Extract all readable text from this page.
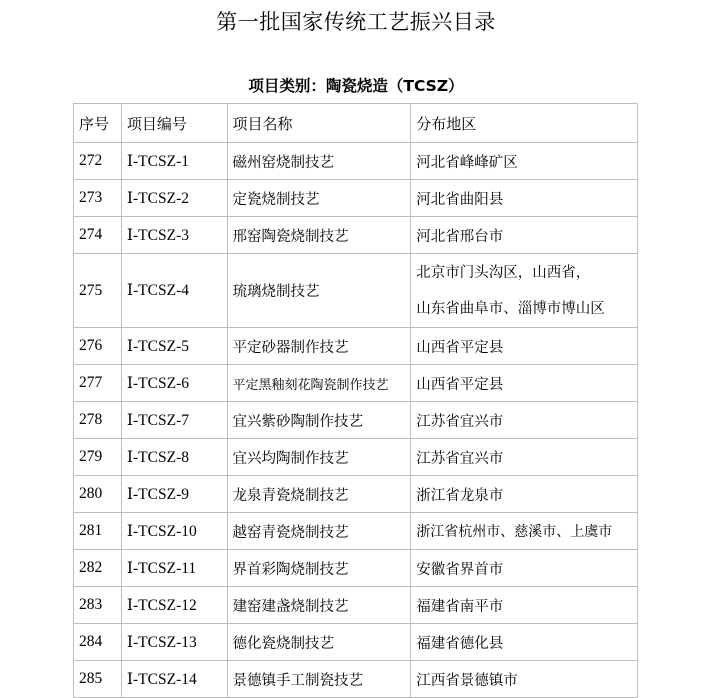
第一批国家传统工艺振兴目录
项目类别：陶瓷烧造（TCSZ）
序号	项目编号	项目名称	分布地区
272	Ⅰ-TCSZ-1	磁州窑烧制技艺	河北省峰峰矿区
273	Ⅰ-TCSZ-2	定瓷烧制技艺	河北省曲阳县
274	Ⅰ-TCSZ-3	邢窑陶瓷烧制技艺	河北省邢台市
275	Ⅰ-TCSZ-4	琉璃烧制技艺	北京市门头沟区，山西省，
山东省曲阜市、淄博市博山区

276	Ⅰ-TCSZ-5	平定砂器制作技艺	山西省平定县
277	Ⅰ-TCSZ-6	平定黑釉刻花陶瓷制作技艺	山西省平定县
278	Ⅰ-TCSZ-7	宜兴紫砂陶制作技艺	江苏省宜兴市
279	Ⅰ-TCSZ-8	宜兴均陶制作技艺	江苏省宜兴市
280	Ⅰ-TCSZ-9	龙泉青瓷烧制技艺	浙江省龙泉市
281	Ⅰ-TCSZ-10	越窑青瓷烧制技艺	浙江省杭州市、慈溪市、上虞市
282	Ⅰ-TCSZ-11	界首彩陶烧制技艺	安徽省界首市
283	Ⅰ-TCSZ-12	建窑建盏烧制技艺	福建省南平市
284	Ⅰ-TCSZ-13	德化瓷烧制技艺	福建省德化县
285	Ⅰ-TCSZ-14	景德镇手工制瓷技艺	江西省景德镇市
